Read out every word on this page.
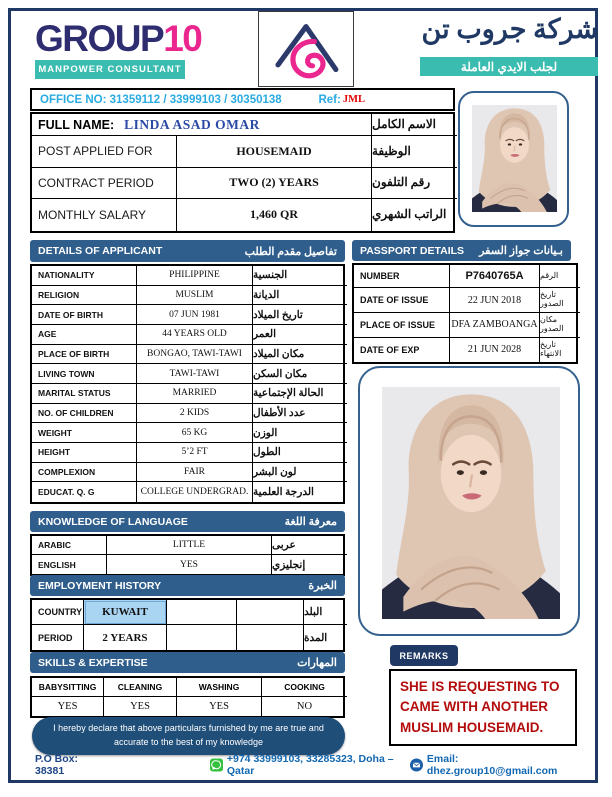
GROUP10
MANPOWER CONSULTANT
شركة جروب تن
لجلب الايدي العاملة
OFFICE NO: 31359112 / 33999103 / 30350138	Ref: JML
FULL NAME: LINDA ASAD OMAR	الاسم الكامل
POST APPLIED FOR	HOUSEMAID	الوظيفة
CONTRACT PERIOD	TWO (2) YEARS	رقم التلفون
MONTHLY SALARY	1,460 QR	الراتب الشهري
DETAILS OF APPLICANT	تفاصيل مقدم الطلب
NATIONALITY	PHILIPPINE	الجنسية
RELIGION	MUSLIM	الديانة
DATE OF BIRTH	07 JUN 1981	تاريخ الميلاد
AGE	44 YEARS OLD	العمر
PLACE OF BIRTH	BONGAO, TAWI-TAWI	مكان الميلاد
LIVING TOWN	TAWI-TAWI	مكان السكن
MARITAL STATUS	MARRIED	الحالة الإجتماعية
NO. OF CHILDREN	2 KIDS	عدد الأطفال
WEIGHT	65 KG	الوزن
HEIGHT	5’2 FT	الطول
COMPLEXION	FAIR	لون البشر
EDUCAT. Q. G	COLLEGE UNDERGRAD. الدرجة العلمية
KNOWLEDGE OF LANGUAGE	معرفة اللغة
ARABIC	LITTLE	عربى
ENGLISH	YES	إنجليزي
EMPLOYMENT HISTORY	الخبرة
COUNTRY	KUWAIT	البلد
PERIOD	2 YEARS	المدة
SKILLS & EXPERTISE	المهارات
BABYSITTING	CLEANING	WASHING	COOKING
YES	YES	YES	NO
I hereby declare that above particulars furnished by me are true and accurate to the best of my knowledge
PASSPORT DETAILS بـيانات جواز السفر
NUMBER	P7640765A	الرقم
DATE OF ISSUE	22 JUN 2018	تاريخ الصدور
PLACE OF ISSUE	DFA ZAMBOANGA مكان الصدور
DATE OF EXP	21 JUN 2028	تاريخ الانتهاء
REMARKS
SHE IS REQUESTING TO CAME WITH ANOTHER MUSLIM HOUSEMAID.
P.O Box: 38381
+974 33999103, 33285323, Doha – Qatar
Email: dhez.group10@gmail.com
